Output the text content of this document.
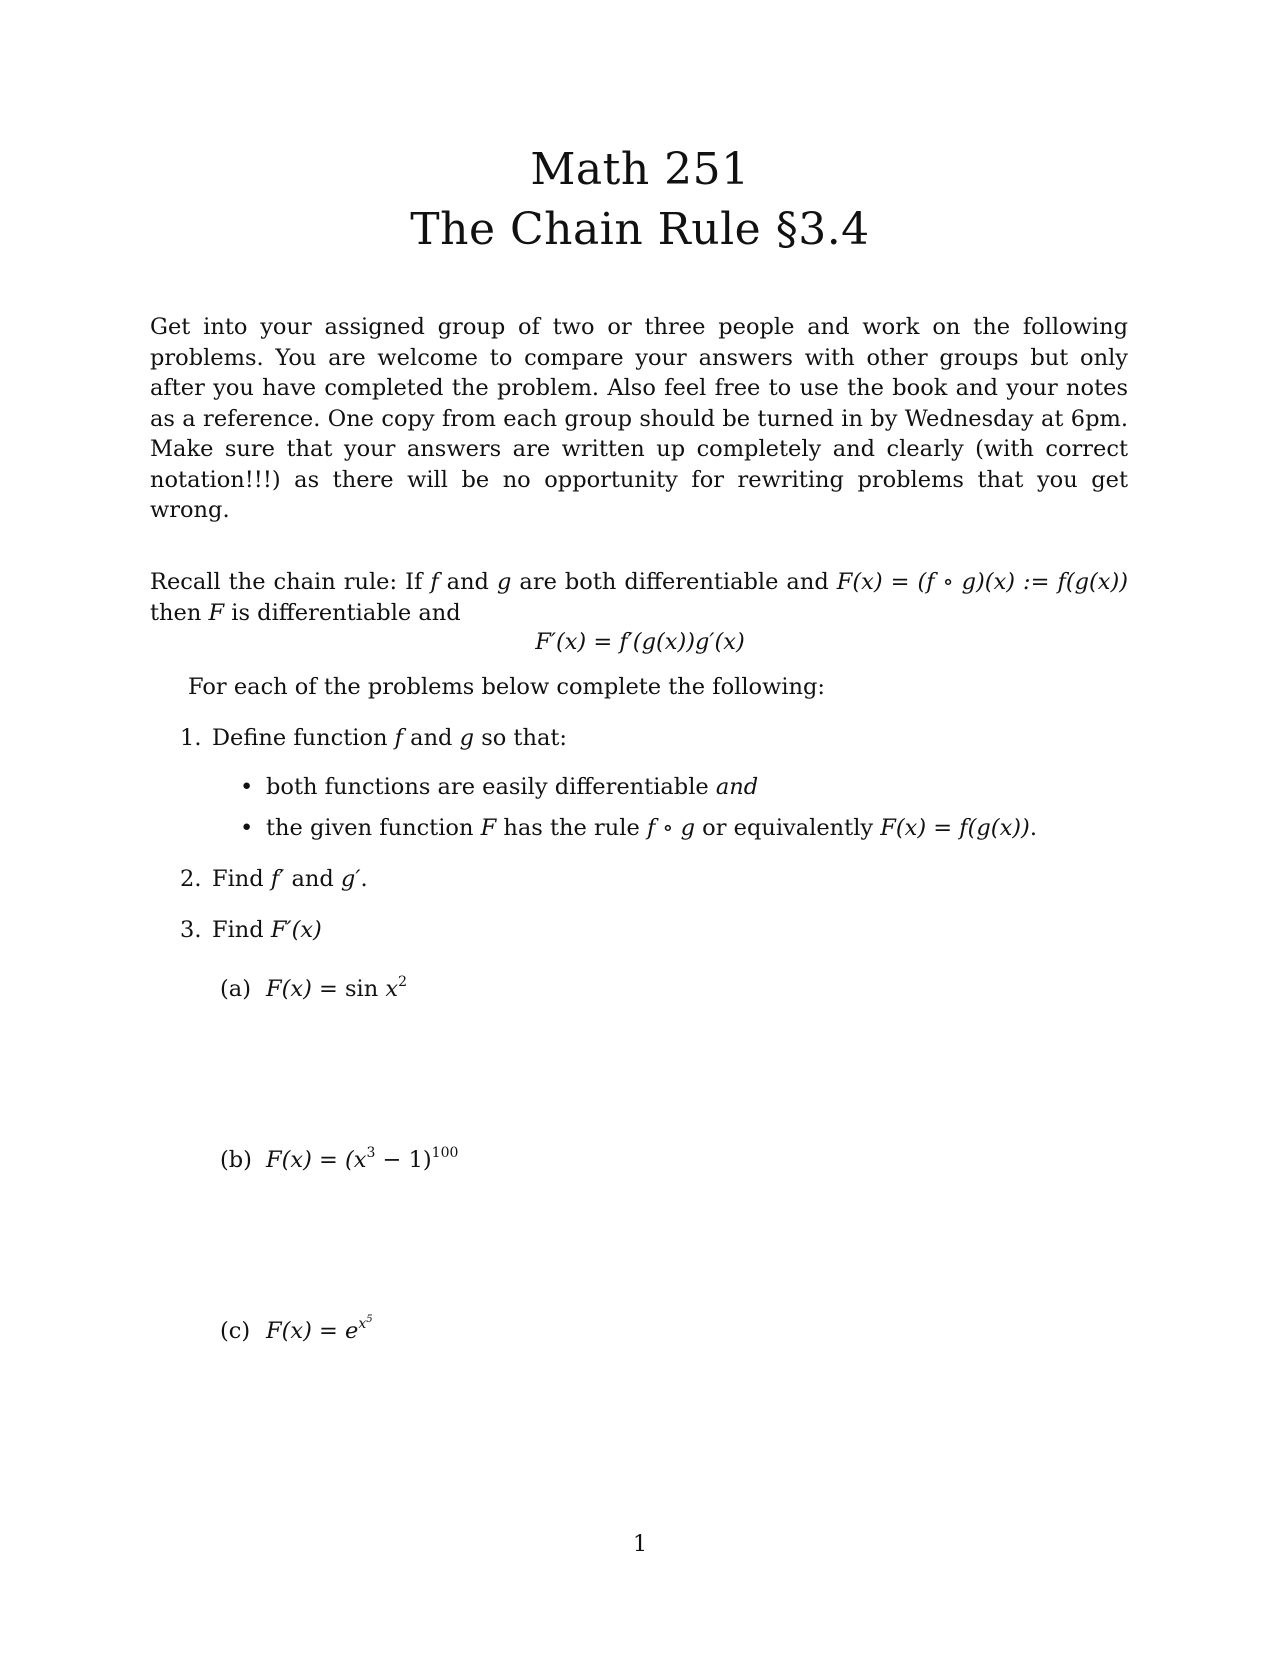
Math 251
The Chain Rule §3.4

Get into your assigned group of two or three people and work on the following problems. You are welcome to compare your answers with other groups but only after you have completed the problem. Also feel free to use the book and your notes as a reference. One copy from each group should be turned in by Wednesday at 6pm. Make sure that your answers are written up completely and clearly (with correct notation!!!) as there will be no opportunity for rewriting problems that you get wrong.

Recall the chain rule: If f and g are both differentiable and F(x) = (f ∘ g)(x) := f(g(x)) then F is differentiable and

F′(x) = f′(g(x))g′(x)
For each of the problems below complete the following:
1. Define function f and g so that:
• both functions are easily differentiable and
• the given function F has the rule f ∘ g or equivalently F(x) = f(g(x)).
2. Find f′ and g′.
3. Find F′(x)
(a) $F(x) = \sin x^2$
(b) $F(x) = (x^3 - 1)^{100}$
(c) $F(x) = e^{x^5}$
1
